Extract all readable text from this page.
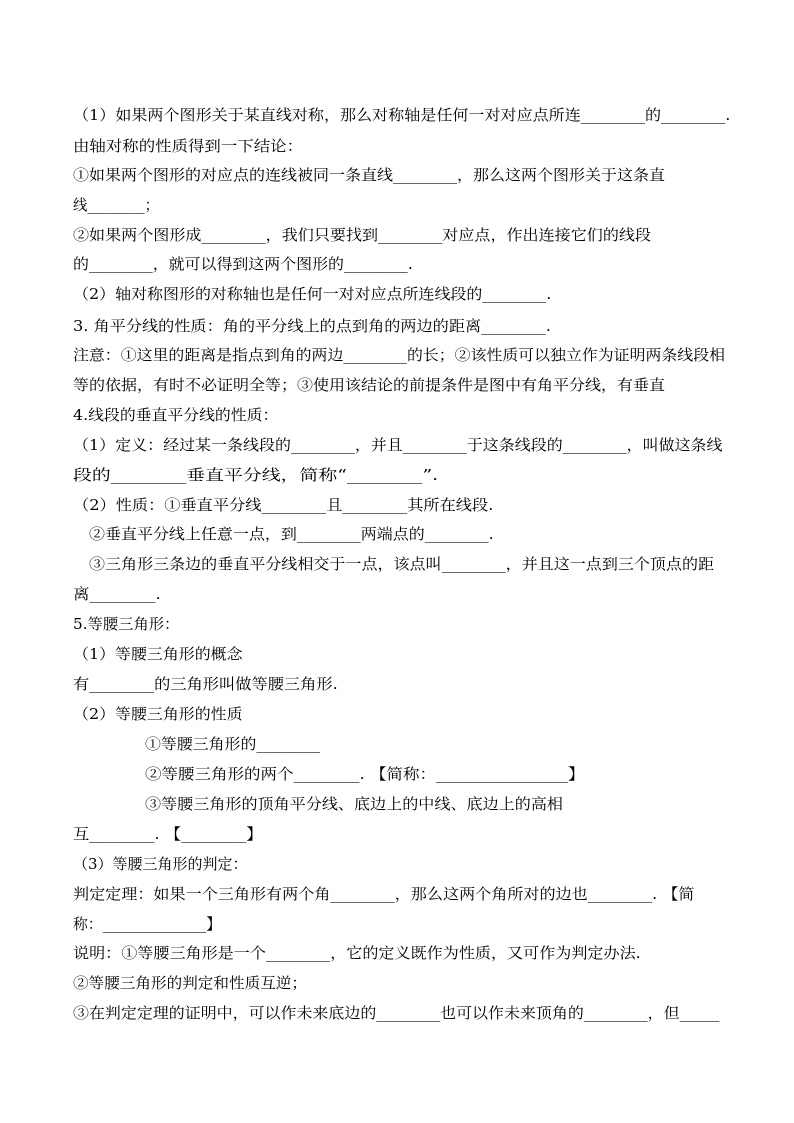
（1）如果两个图形关于某直线对称，那么对称轴是任何一对对应点所连________的________.
由轴对称的性质得到一下结论：
①如果两个图形的对应点的连线被同一条直线________，那么这两个图形关于这条直
线________；
②如果两个图形成________，我们只要找到________对应点，作出连接它们的线段
的________，就可以得到这两个图形的________.
（2）轴对称图形的对称轴也是任何一对对应点所连线段的________.
3. 角平分线的性质：角的平分线上的点到角的两边的距离________.
注意：①这里的距离是指点到角的两边________的长；②该性质可以独立作为证明两条线段相
等的依据，有时不必证明全等；③使用该结论的前提条件是图中有角平分线，有垂直
4.线段的垂直平分线的性质：
（1）定义：经过某一条线段的________，并且________于这条线段的________，叫做这条线
段的________垂直平分线，简称“________”.
（2）性质：①垂直平分线________且________其所在线段.
②垂直平分线上任意一点，到________两端点的________.
③三角形三条边的垂直平分线相交于一点，该点叫________，并且这一点到三个顶点的距
离________.
5.等腰三角形：
（1）等腰三角形的概念
有________的三角形叫做等腰三角形.
（2）等腰三角形的性质
①等腰三角形的________
②等腰三角形的两个________. 【简称：________________】
③等腰三角形的顶角平分线、底边上的中线、底边上的高相
互________. 【________】
（3）等腰三角形的判定：
判定定理：如果一个三角形有两个角________，那么这两个角所对的边也________. 【简
称：______________】
说明：①等腰三角形是一个________，它的定义既作为性质，又可作为判定办法.
②等腰三角形的判定和性质互逆；
③在判定定理的证明中，可以作未来底边的________也可以作未来顶角的________，但_____
